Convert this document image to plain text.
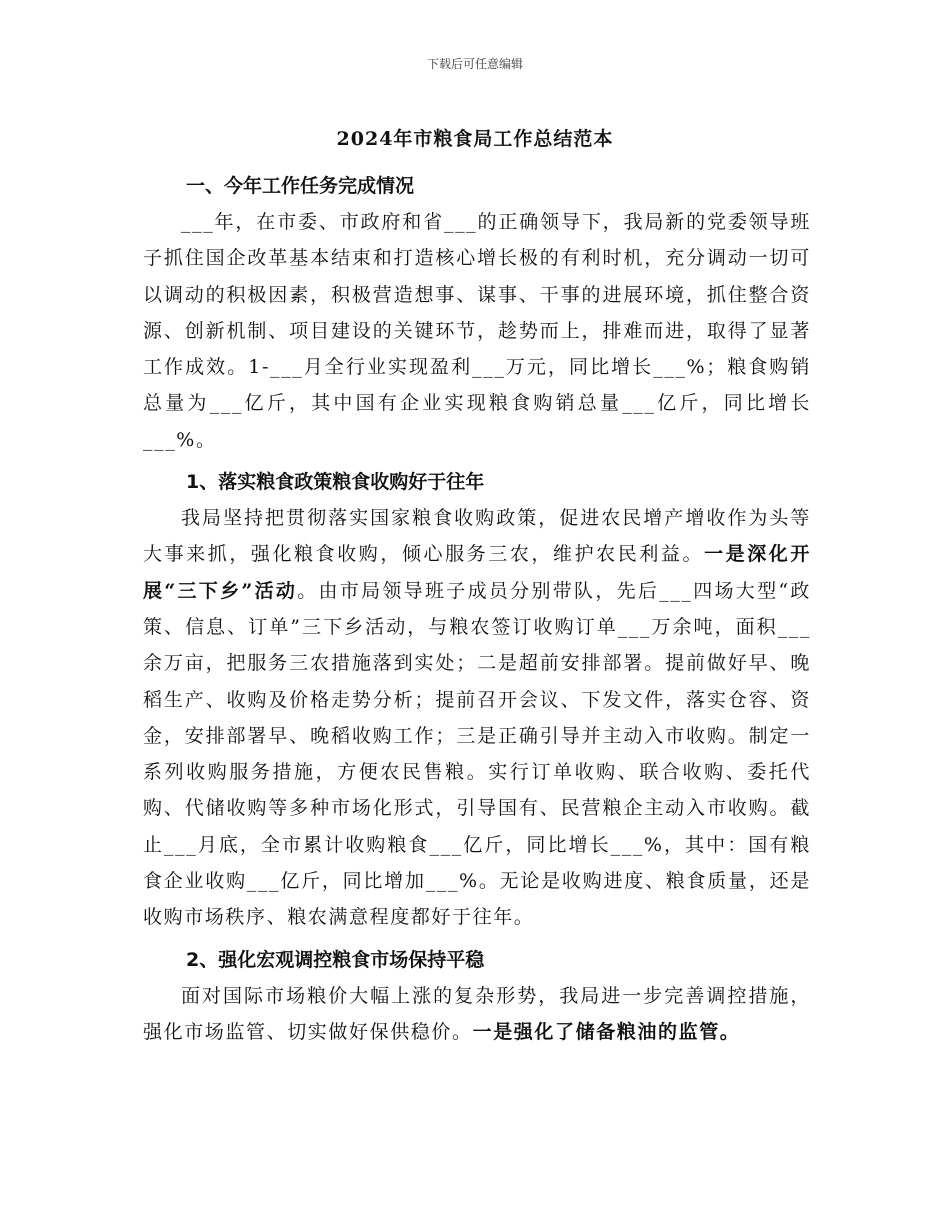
下载后可任意编辑
2024年市粮食局工作总结范本

一、今年工作任务完成情况

___年，在市委、市政府和省___的正确领导下，我局新的党委领导班子抓住国企改革基本结束和打造核心增长极的有利时机，充分调动一切可以调动的积极因素，积极营造想事、谋事、干事的进展环境，抓住整合资源、创新机制、项目建设的关键环节，趁势而上，排难而进，取得了显著工作成效。1-___月全行业实现盈利___万元，同比增长___%；粮食购销总量为___亿斤，其中国有企业实现粮食购销总量___亿斤，同比增长___%。

1、落实粮食政策粮食收购好于往年

我局坚持把贯彻落实国家粮食收购政策，促进农民增产增收作为头等大事来抓，强化粮食收购，倾心服务三农，维护农民利益。一是深化开展“三下乡”活动。由市局领导班子成员分别带队，先后___四场大型“政策、信息、订单”三下乡活动，与粮农签订收购订单___万余吨，面积___余万亩，把服务三农措施落到实处；二是超前安排部署。提前做好早、晚稻生产、收购及价格走势分析；提前召开会议、下发文件，落实仓容、资金，安排部署早、晚稻收购工作；三是正确引导并主动入市收购。制定一系列收购服务措施，方便农民售粮。实行订单收购、联合收购、委托代购、代储收购等多种市场化形式，引导国有、民营粮企主动入市收购。截止___月底，全市累计收购粮食___亿斤，同比增长___%，其中：国有粮食企业收购___亿斤，同比增加___%。无论是收购进度、粮食质量，还是收购市场秩序、粮农满意程度都好于往年。

2、强化宏观调控粮食市场保持平稳

面对国际市场粮价大幅上涨的复杂形势，我局进一步完善调控措施，强化市场监管、切实做好保供稳价。一是强化了储备粮油的监管。
